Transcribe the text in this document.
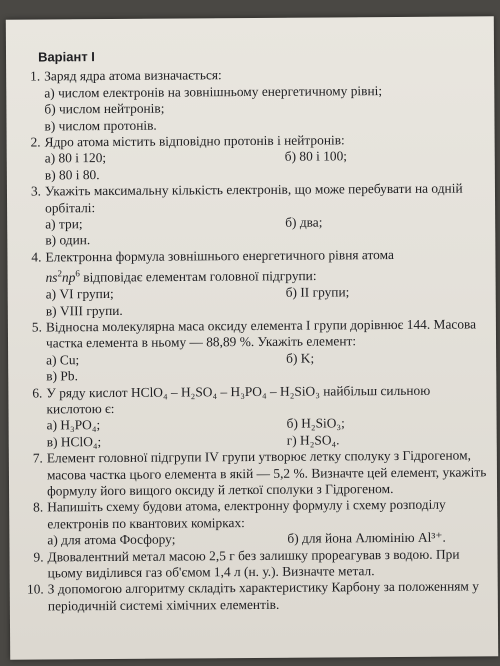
Варіант I
1. Заряд ядра атома визначається:
а) числом електронів на зовнішньому енергетичному рівні;
б) числом нейтронів;
в) числом протонів.
2. Ядро атома містить відповідно протонів і нейтронів:
а) 80 і 120;	б) 80 і 100;
в) 80 і 80.
3. Укажіть максимальну кількість електронів, що може перебувати на одній орбіталі:
а) три;	б) два;
в) один.
4. Електронна формула зовнішнього енергетичного рівня атома
$ns^2np^6$ відповідає елементам головної підгрупи:
а) VI групи;	б) II групи;
в) VIII групи.
5. Відносна молекулярна маса оксиду елемента I групи дорівнює 144. Масова частка елемента в ньому — 88,89 %. Укажіть елемент:
а) Cu;	б) K;
в) Pb.
6. У ряду кислот HClO₄ – H₂SO₄ – H₃PO₄ – H₂SiO₃ найбільш сильною кислотою є:
а) H₃PO₄;	б) H₂SiO₃;
в) HClO₄;	г) H₂SO₄.
7. Елемент головної підгрупи IV групи утворює летку сполуку з Гідрогеном, масова частка цього елемента в якій — 5,2 %. Визначте цей елемент, укажіть формулу його вищого оксиду й леткої сполуки з Гідрогеном.
8. Напишіть схему будови атома, електронну формулу і схему розподілу електронів по квантових комірках:
а) для атома Фосфору;	б) для йона Алюмінію Al³⁺.
9. Двовалентний метал масою 2,5 г без залишку прореагував з водою. При цьому виділився газ об'ємом 1,4 л (н. у.). Визначте метал.
10. З допомогою алгоритму складіть характеристику Карбону за положенням у періодичній системі хімічних елементів.
